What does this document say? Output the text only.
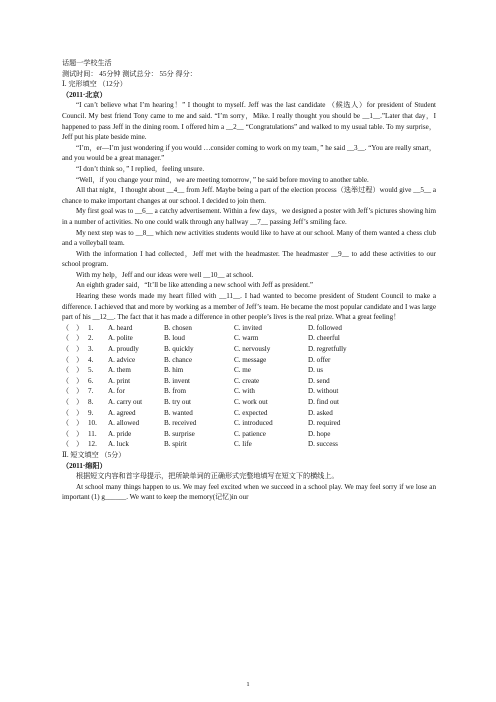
话题一学校生活
测试时间： 45分钟 测试总分： 55分 得分：
Ⅰ. 完形填空 （12分）
（2011·北京）
“I can’t believe what I’m hearing！” I thought to myself. Jeff was the last candidate （候选人）for president of Student Council. My best friend Tony came to me and said. “I’m sorry，Mike. I really thought you should be __1__.”Later that day，I happened to pass Jeff in the dining room. I offered him a __2__ “Congratulations” and walked to my usual table. To my surprise，Jeff put his plate beside mine.
“I’m，er—I’m just wondering if you would …consider coming to work on my team，” he said __3__. “You are really smart，and you would be a great manager.”
“I don’t think so，” I replied，feeling unsure.
“Well，if you change your mind，we are meeting tomorrow，” he said before moving to another table.
All that night，I thought about __4__ from Jeff. Maybe being a part of the election process（选举过程）would give __5__ a chance to make important changes at our school. I decided to join them.
My first goal was to __6__ a catchy advertisement. Within a few days，we designed a poster with Jeff’s pictures showing him in a number of activities. No one could walk through any hallway __7__ passing Jeff’s smiling face.
My next step was to __8__ which new activities students would like to have at our school. Many of them wanted a chess club and a volleyball team.
With the information I had collected，Jeff met with the headmaster. The headmaster __9__ to add these activities to our school program.
With my help，Jeff and our ideas were well __10__ at school.
An eighth grader said，“It’ll be like attending a new school with Jeff as president.”
Hearing these words made my heart filled with __11__. I had wanted to become president of Student Council to make a difference. I achieved that and more by working as a member of Jeff’s team. He became the most popular candidate and I was large part of his __12__. The fact that it has made a difference in other people’s lives is the real prize. What a great feeling！
（    ） 1.	A. heard	B. chosen	C. invited	D. followed
（    ） 2.	A. polite	B. loud	C. warm	D. cheerful
（    ） 3.	A. proudly	B. quickly	C. nervously	D. regretfully
（    ） 4.	A. advice	B. chance	C. message	D. offer
（    ） 5.	A. them	B. him	C. me	D. us
（    ） 6.	A. print	B. invent	C. create	D. send
（    ） 7.	A. for	B. from	C. with	D. without
（    ） 8.	A. carry out	B. try out	C. work out	D. find out
（    ） 9.	A. agreed	B. wanted	C. expected	D. asked
（    ） 10.	A. allowed	B. received	C. introduced	D. required
（    ） 11.	A. pride	B. surprise	C. patience	D. hope
（    ） 12.	A. luck	B. spirit	C. life	D. success
Ⅱ. 短文填空 （5分）
（2011·绵阳）
根据短文内容和首字母提示，把所缺单词的正确形式完整地填写在短文下的横线上。
At school many things happen to us. We may feel excited when we succeed in a school play. We may feel sorry if we lose an important (1) g______. We want to keep the memory(记忆)in our
1
